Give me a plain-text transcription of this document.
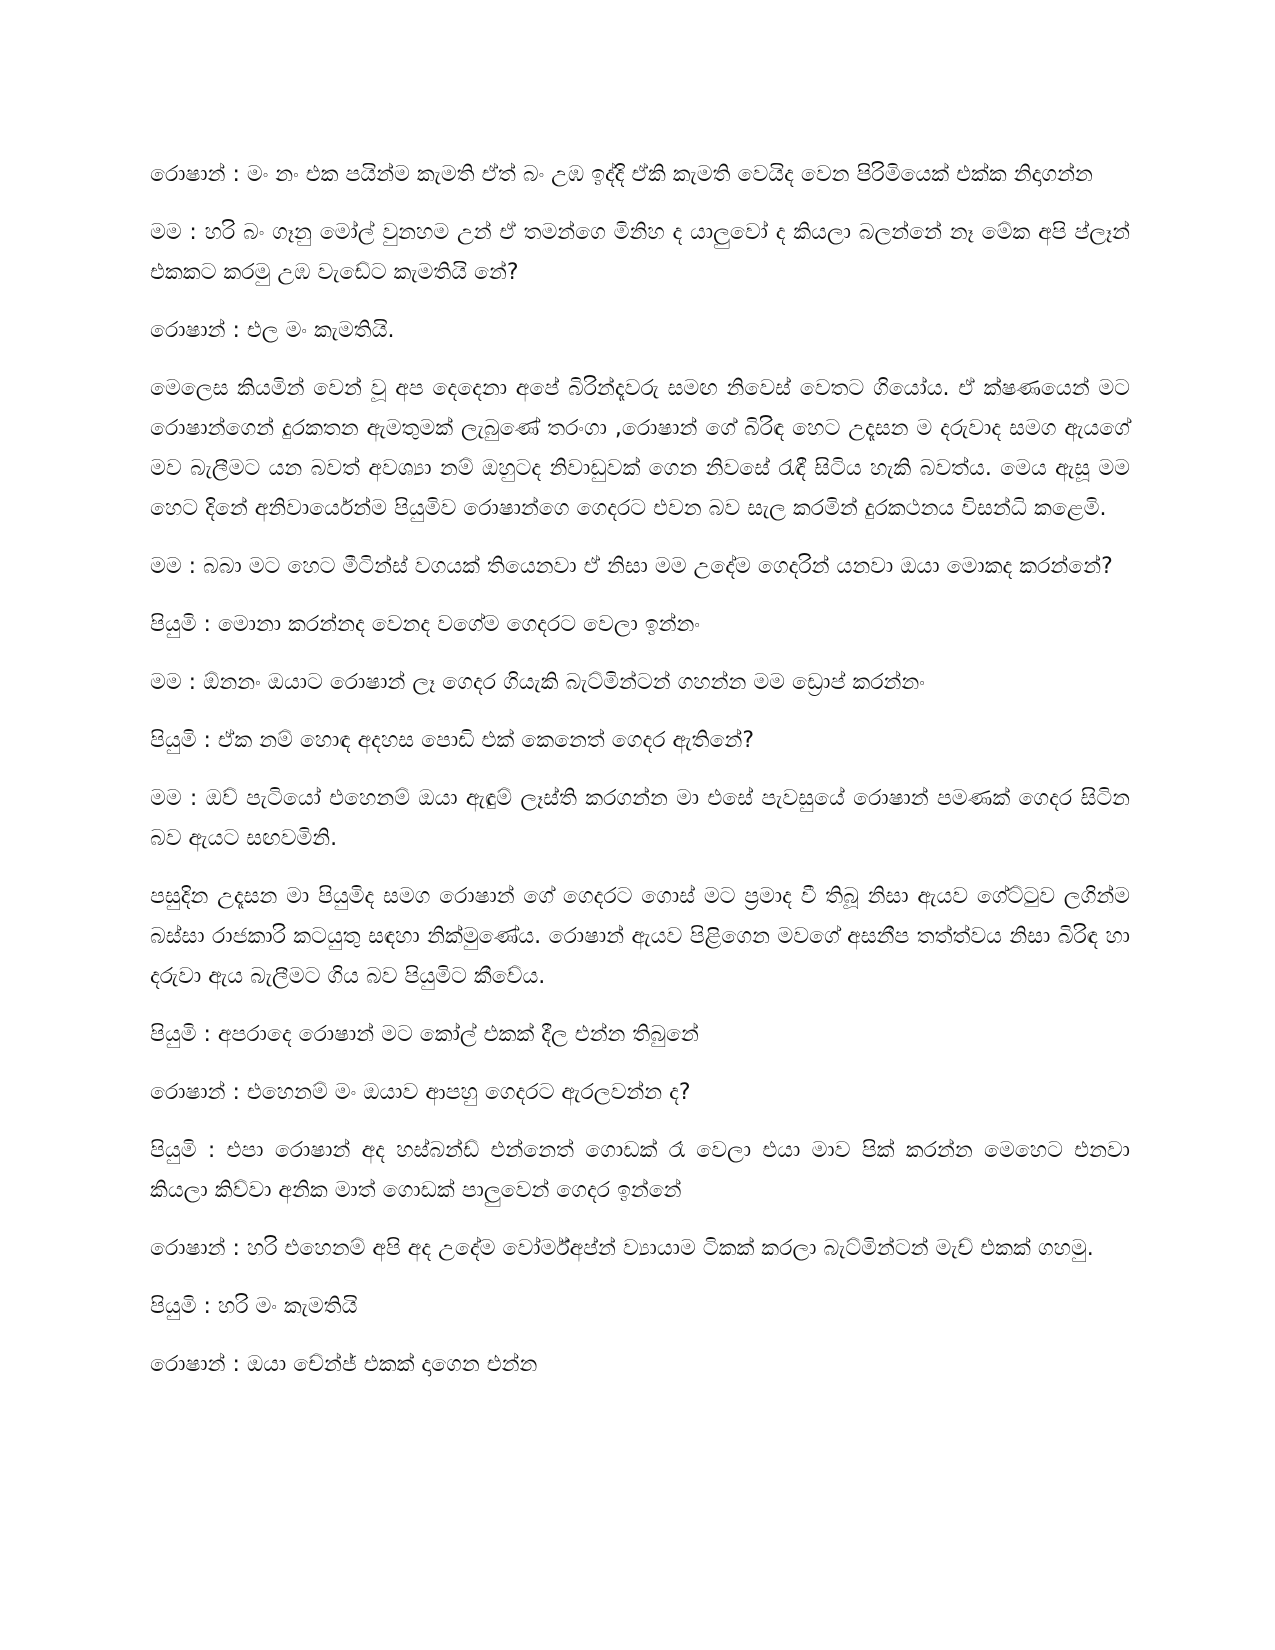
රොෂාන් : මං නං එක පයින්ම කැමති ඒත් බං උඹ ඉද්දි ඒකි කැමති වෙයිද වෙන පිරිමියෙක් එක්ක නිදාගන්න

මම : හරි බං ගෑනු මෝල් වුනහම උන් ඒ තමන්ගෙ මිනිහ ද යාලුවෝ ද කියලා බලන්නේ නෑ මේක අපි ප්ලෑන් එකකට කරමු උඹ වැඩේට කැමතියි නේ?

රොෂාන් : එල මං කැමතියි.

මෙලෙස කියමින් වෙන් වූ අප දෙදෙනා අපේ බිරින්දෑවරු සමඟ නිවෙස් වෙතට ගියෝය. ඒ ක්ෂණයෙන් මට රොෂාන්ගෙන් දුරකතන ඇමතුමක් ලැබුණේ තරංගා ,රොෂාන් ගේ බිරිඳ හෙට උදෑසන ම දරුවාද සමග ඇයගේ මව බැලීමට යන බවත් අවශ්‍යා නම් ඔහුටද නිවාඩුවක් ගෙන නිවසේ රැඳී සිටිය හැකි බවත්ය. මෙය ඇසූ මම හෙට දිනේ අනිවාර්යෙන්ම පියුමිව රොෂාන්ගෙ ගෙදරට එවන බව සැල කරමින් දුරකථනය විසන්ධි කළෙමි.

මම : බබා මට හෙට මීටින්ස් වගයක් තියෙනවා ඒ නිසා මම උදේම ගෙදරින් යනවා ඔයා මොකද කරන්නේ?

පියුමි : මොනා කරන්නද වෙනද වගේම ගෙදරට වෙලා ඉන්නං

මම : ඕනනං ඔයාට රොෂාන් ලෑ ගෙදර ගියැකි බැට්මින්ටන් ගහන්න මම ඩ්‍රොප් කරන්නං

පියුමි : ඒක නම් හොඳ අදහස පොඩි එක් කෙනෙත් ගෙදර ඇතිනේ?

මම : ඔව් පැටියෝ එහෙනම් ඔයා ඇඳුම් ලෑස්ති කරගන්න මා එසේ පැවසුයේ රොෂාන් පමණක් ගෙදර සිටින බව ඇයට සඟවමිනි.

පසුදින උදෑසන මා පියුමිද සමග රොෂාන් ගේ ගෙදරට ගොස් මට ප්‍රමාද වී තිබූ නිසා ඇයව ගේට්ටුව ලගින්ම බස්සා රාජකාරි කටයුතු සඳහා නික්මුණේය. රොෂාන් ඇයව පිළිගෙන මවගේ අසනීප තත්ත්වය නිසා බිරිඳ හා දරුවා ඇය බැලීමට ගිය බව පියුමිට කීවේය.

පියුමි : අපරාදෙ රොෂාන් මට කෝල් එකක් දීල එන්න තිබුනේ

රොෂාන් : එහෙනම් මං ඔයාව ආපහු ගෙදරට ඇරලවන්න ද?

පියුමි : එපා රොෂාන් අද හස්බන්ඩ් එන්නෙත් ගොඩක් රෑ වෙලා එයා මාව පික් කරන්න මෙහෙට එනවා කියලා කිව්වා අනික මාත් ගොඩක් පාලුවෙන් ගෙදර ඉන්නේ

රොෂාන් : හරි එහෙනම් අපි අද උදේම වෝර්ම්අප්න් ව්‍යායාම ටිකක් කරලා බැට්මින්ටන් මැච් එකක් ගහමු.

පියුමි : හරි මං කැමතියි

රොෂාන් : ඔයා චේන්ජ් එකක් දාගෙන එන්න
